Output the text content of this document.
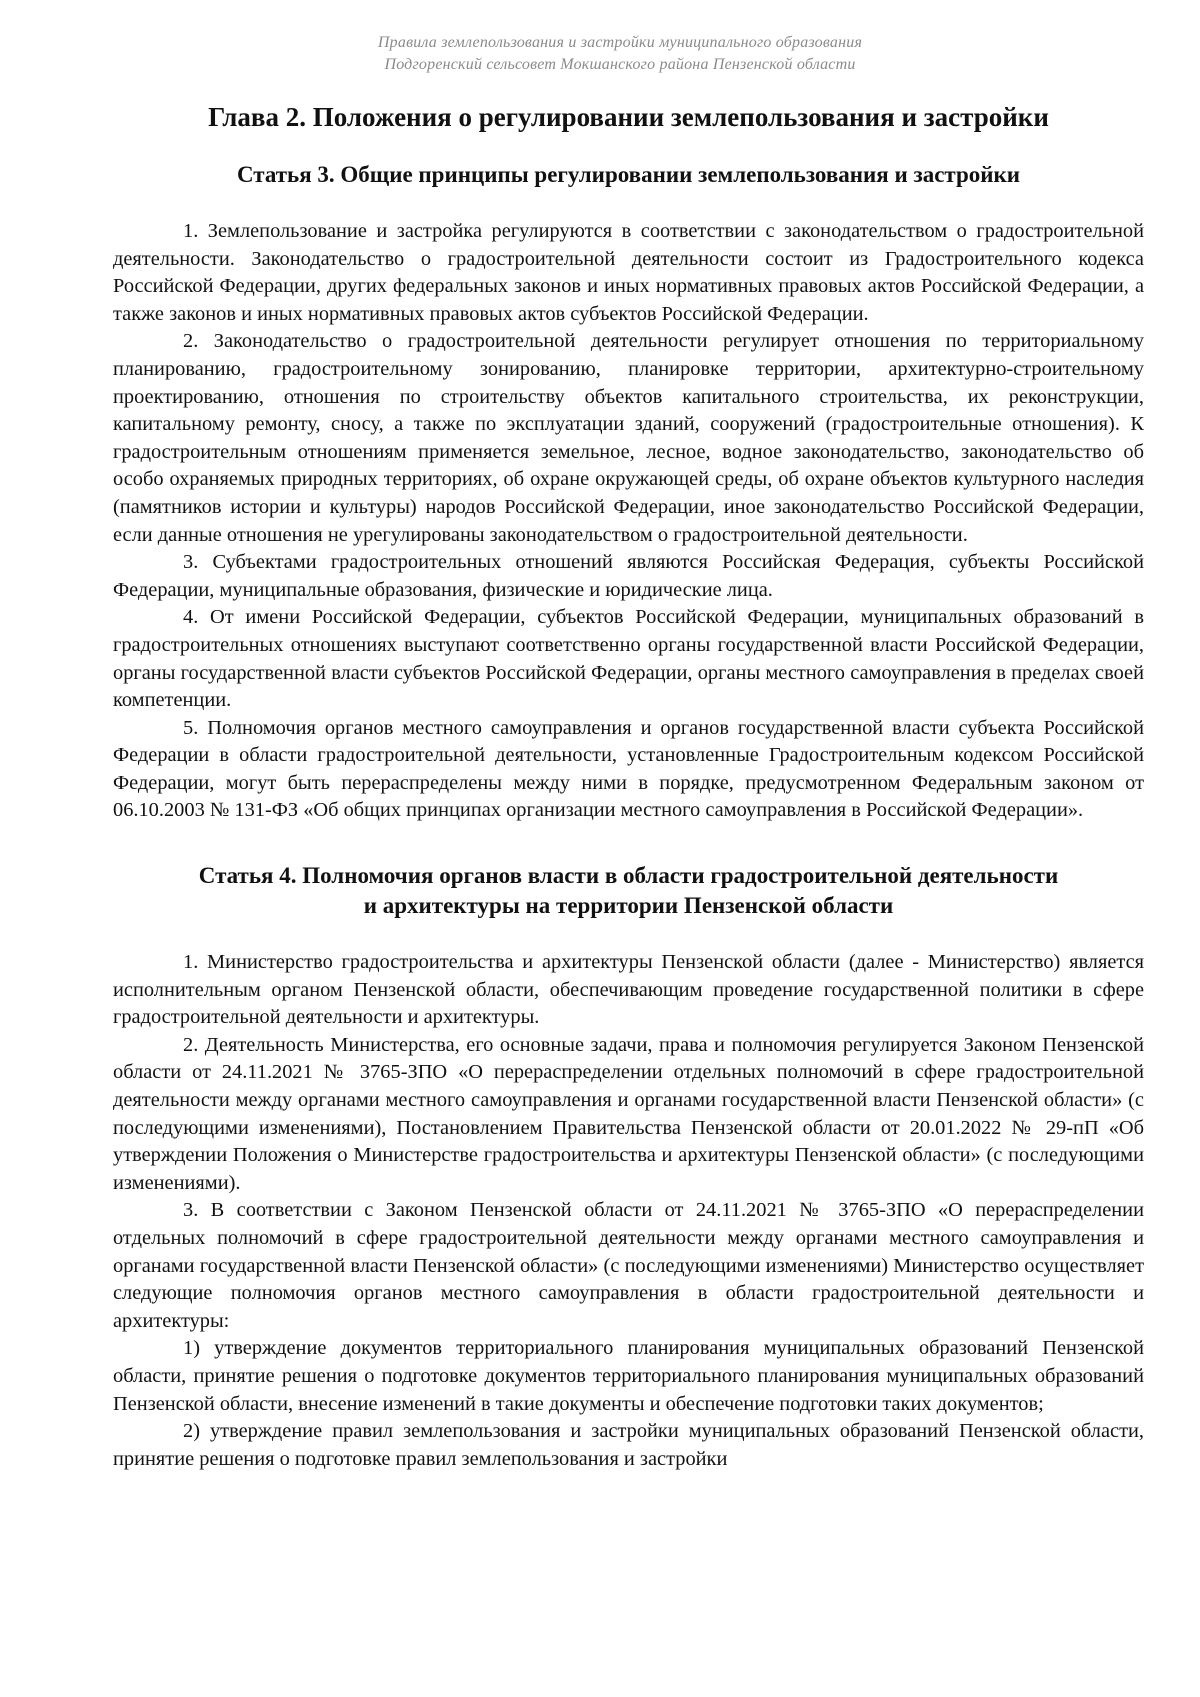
Правила землепользования и застройки муниципального образования
Подгоренский сельсовет Мокшанского района Пензенской области
Глава 2. Положения о регулировании землепользования и застройки
Статья 3. Общие принципы регулировании землепользования и застройки

1. Землепользование и застройка регулируются в соответствии с законодательством о градостроительной деятельности. Законодательство о градостроительной деятельности состоит из Градостроительного кодекса Российской Федерации, других федеральных законов и иных нормативных правовых актов Российской Федерации, а также законов и иных нормативных правовых актов субъектов Российской Федерации.

2. Законодательство о градостроительной деятельности регулирует отношения по территориальному планированию, градостроительному зонированию, планировке территории, архитектурно-строительному проектированию, отношения по строительству объектов капитального строительства, их реконструкции, капитальному ремонту, сносу, а также по эксплуатации зданий, сооружений (градостроительные отношения). К градостроительным отношениям применяется земельное, лесное, водное законодательство, законодательство об особо охраняемых природных территориях, об охране окружающей среды, об охране объектов культурного наследия (памятников истории и культуры) народов Российской Федерации, иное законодательство Российской Федерации, если данные отношения не урегулированы законодательством о градостроительной деятельности.

3. Субъектами градостроительных отношений являются Российская Федерация, субъекты Российской Федерации, муниципальные образования, физические и юридические лица.

4. От имени Российской Федерации, субъектов Российской Федерации, муниципальных образований в градостроительных отношениях выступают соответственно органы государственной власти Российской Федерации, органы государственной власти субъектов Российской Федерации, органы местного самоуправления в пределах своей компетенции.

5. Полномочия органов местного самоуправления и органов государственной власти субъекта Российской Федерации в области градостроительной деятельности, установленные Градостроительным кодексом Российской Федерации, могут быть перераспределены между ними в порядке, предусмотренном Федеральным законом от 06.10.2003 № 131-ФЗ «Об общих принципах организации местного самоуправления в Российской Федерации».

Статья 4. Полномочия органов власти в области градостроительной деятельности
и архитектуры на территории Пензенской области

1. Министерство градостроительства и архитектуры Пензенской области (далее - Министерство) является исполнительным органом Пензенской области, обеспечивающим проведение государственной политики в сфере градостроительной деятельности и архитектуры.

2. Деятельность Министерства, его основные задачи, права и полномочия регулируется Законом Пензенской области от 24.11.2021 № 3765-ЗПО «О перераспределении отдельных полномочий в сфере градостроительной деятельности между органами местного самоуправления и органами государственной власти Пензенской области» (с последующими изменениями), Постановлением Правительства Пензенской области от 20.01.2022 № 29-пП «Об утверждении Положения о Министерстве градостроительства и архитектуры Пензенской области» (с последующими изменениями).

3. В соответствии с Законом Пензенской области от 24.11.2021 № 3765-ЗПО «О перераспределении отдельных полномочий в сфере градостроительной деятельности между органами местного самоуправления и органами государственной власти Пензенской области» (с последующими изменениями) Министерство осуществляет следующие полномочия органов местного самоуправления в области градостроительной деятельности и архитектуры:

1) утверждение документов территориального планирования муниципальных образований Пензенской области, принятие решения о подготовке документов территориального планирования муниципальных образований Пензенской области, внесение изменений в такие документы и обеспечение подготовки таких документов;

2) утверждение правил землепользования и застройки муниципальных образований Пензенской области, принятие решения о подготовке правил землепользования и застройки
